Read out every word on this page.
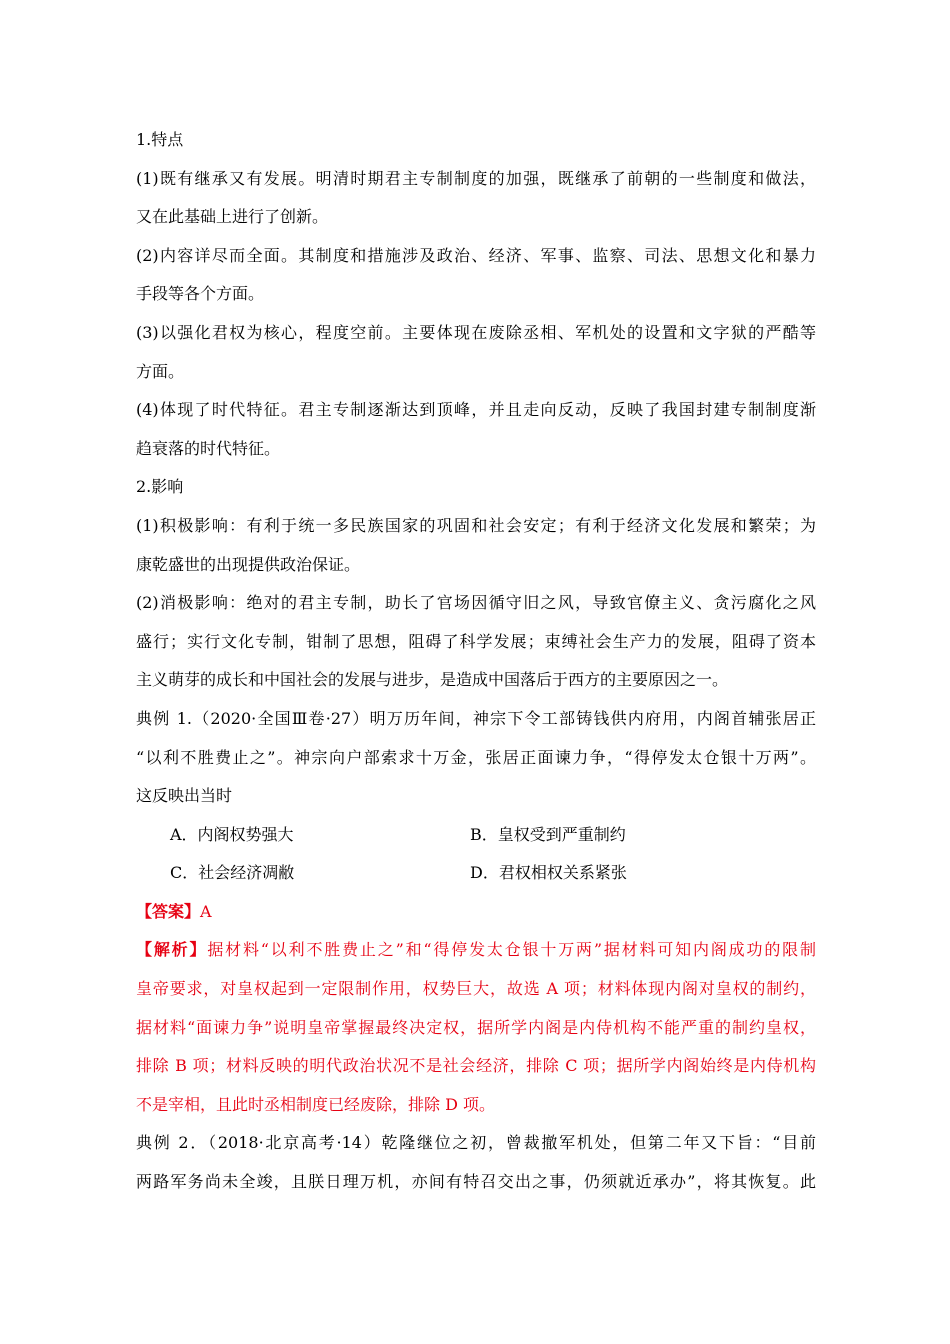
1.特点
(1)既有继承又有发展。明清时期君主专制制度的加强，既继承了前朝的一些制度和做法，
又在此基础上进行了创新。
(2)内容详尽而全面。其制度和措施涉及政治、经济、军事、监察、司法、思想文化和暴力
手段等各个方面。
(3)以强化君权为核心，程度空前。主要体现在废除丞相、军机处的设置和文字狱的严酷等
方面。
(4)体现了时代特征。君主专制逐渐达到顶峰，并且走向反动，反映了我国封建专制制度渐
趋衰落的时代特征。
2.影响
(1)积极影响：有利于统一多民族国家的巩固和社会安定；有利于经济文化发展和繁荣；为
康乾盛世的出现提供政治保证。
(2)消极影响：绝对的君主专制，助长了官场因循守旧之风，导致官僚主义、贪污腐化之风
盛行；实行文化专制，钳制了思想，阻碍了科学发展；束缚社会生产力的发展，阻碍了资本
主义萌芽的成长和中国社会的发展与进步，是造成中国落后于西方的主要原因之一。
典例 1.（2020·全国Ⅲ卷·27）明万历年间，神宗下令工部铸钱供内府用，内阁首辅张居正
“以利不胜费止之”。神宗向户部索求十万金，张居正面谏力争，“得停发太仓银十万两”。
这反映出当时
A．内阁权势强大	B．皇权受到严重制约
C．社会经济凋敝	D．君权相权关系紧张
【答案】A
【解析】据材料“以利不胜费止之”和“得停发太仓银十万两”据材料可知内阁成功的限制
皇帝要求，对皇权起到一定限制作用，权势巨大，故选 A 项；材料体现内阁对皇权的制约，
据材料“面谏力争”说明皇帝掌握最终决定权，据所学内阁是内侍机构不能严重的制约皇权，
排除 B 项；材料反映的明代政治状况不是社会经济，排除 C 项；据所学内阁始终是内侍机构
不是宰相，且此时丞相制度已经废除，排除 D 项。
典例 2．（2018·北京高考·14）乾隆继位之初，曾裁撤军机处，但第二年又下旨：“目前
两路军务尚未全竣，且朕日理万机，亦间有特召交出之事，仍须就近承办”，将其恢复。此
